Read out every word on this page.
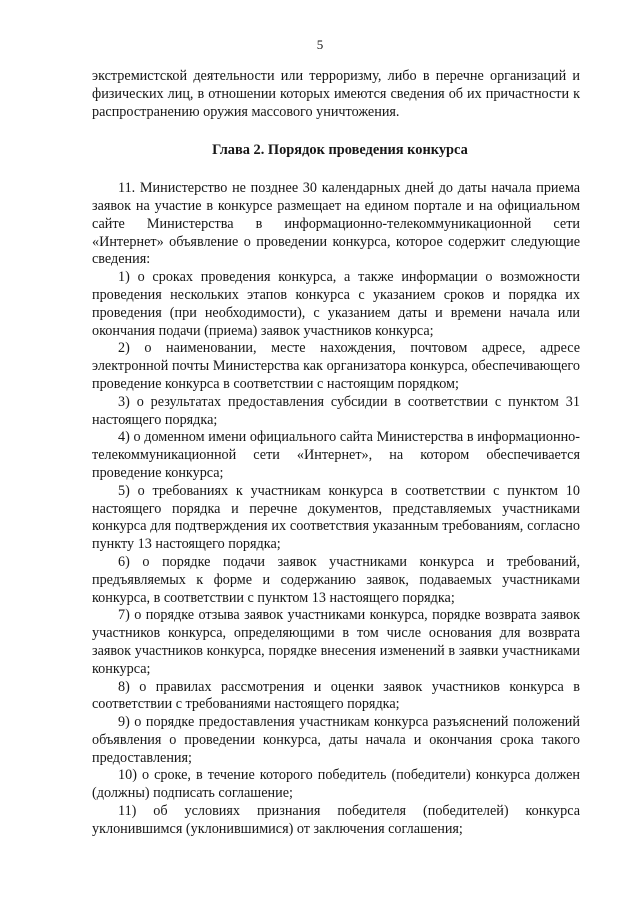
5

экстремистской деятельности или терроризму, либо в перечне организаций и физических лиц, в отношении которых имеются сведения об их причастности к распространению оружия массового уничтожения.

Глава 2. Порядок проведения конкурса

11. Министерство не позднее 30 календарных дней до даты начала приема заявок на участие в конкурсе размещает на едином портале и на официальном сайте Министерства в информационно-телекоммуникационной сети «Интернет» объявление о проведении конкурса, которое содержит следующие сведения:

1) о сроках проведения конкурса, а также информации о возможности проведения нескольких этапов конкурса с указанием сроков и порядка их проведения (при необходимости), с указанием даты и времени начала или окончания подачи (приема) заявок участников конкурса;

2) о наименовании, месте нахождения, почтовом адресе, адресе электронной почты Министерства как организатора конкурса, обеспечивающего проведение конкурса в соответствии с настоящим порядком;

3) о результатах предоставления субсидии в соответствии с пунктом 31 настоящего порядка;

4) о доменном имени официального сайта Министерства в информационно-телекоммуникационной сети «Интернет», на котором обеспечивается проведение конкурса;

5) о требованиях к участникам конкурса в соответствии с пунктом 10 настоящего порядка и перечне документов, представляемых участниками конкурса для подтверждения их соответствия указанным требованиям, согласно пункту 13 настоящего порядка;

6) о порядке подачи заявок участниками конкурса и требований, предъявляемых к форме и содержанию заявок, подаваемых участниками конкурса, в соответствии с пунктом 13 настоящего порядка;

7) о порядке отзыва заявок участниками конкурса, порядке возврата заявок участников конкурса, определяющими в том числе основания для возврата заявок участников конкурса, порядке внесения изменений в заявки участниками конкурса;

8) о правилах рассмотрения и оценки заявок участников конкурса в соответствии с требованиями настоящего порядка;

9) о порядке предоставления участникам конкурса разъяснений положений объявления о проведении конкурса, даты начала и окончания срока такого предоставления;

10) о сроке, в течение которого победитель (победители) конкурса должен (должны) подписать соглашение;

11) об условиях признания победителя (победителей) конкурса уклонившимся (уклонившимися) от заключения соглашения;
